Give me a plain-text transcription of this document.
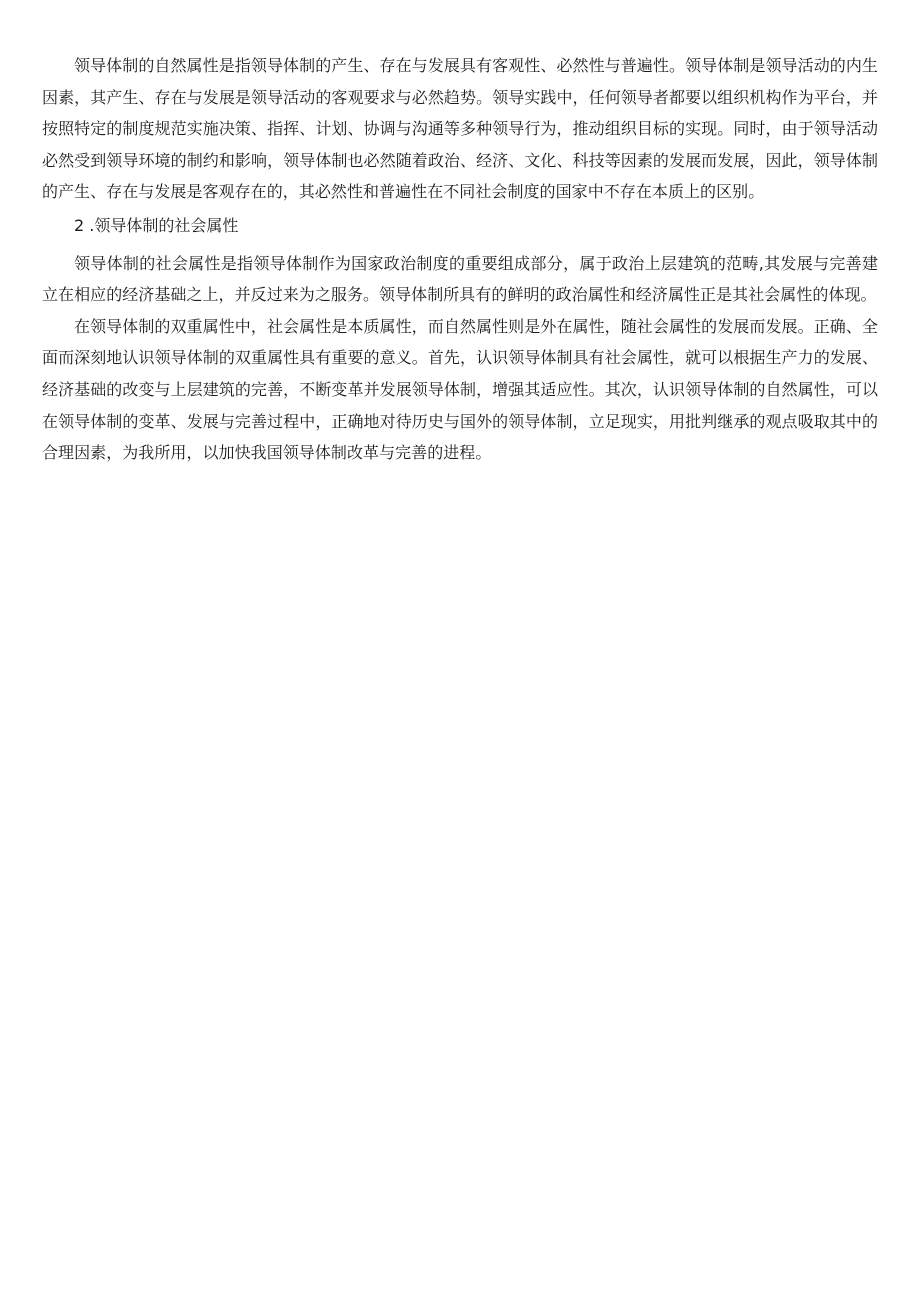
领导体制的自然属性是指领导体制的产生、存在与发展具有客观性、必然性与普遍性。领导体制是领导活动的内生因素，其产生、存在与发展是领导活动的客观要求与必然趋势。领导实践中，任何领导者都要以组织机构作为平台，并按照特定的制度规范实施决策、指挥、计划、协调与沟通等多种领导行为，推动组织目标的实现。同时，由于领导活动必然受到领导环境的制约和影响，领导体制也必然随着政治、经济、文化、科技等因素的发展而发展，因此，领导体制的产生、存在与发展是客观存在的，其必然性和普遍性在不同社会制度的国家中不存在本质上的区别。

2 .领导体制的社会属性

领导体制的社会属性是指领导体制作为国家政治制度的重要组成部分，属于政治上层建筑的范畴,其发展与完善建立在相应的经济基础之上，并反过来为之服务。领导体制所具有的鲜明的政治属性和经济属性正是其社会属性的体现。

在领导体制的双重属性中，社会属性是本质属性，而自然属性则是外在属性，随社会属性的发展而发展。正确、全面而深刻地认识领导体制的双重属性具有重要的意义。首先，认识领导体制具有社会属性，就可以根据生产力的发展、经济基础的改变与上层建筑的完善，不断变革并发展领导体制，增强其适应性。其次，认识领导体制的自然属性，可以在领导体制的变革、发展与完善过程中，正确地对待历史与国外的领导体制，立足现实，用批判继承的观点吸取其中的合理因素，为我所用，以加快我国领导体制改革与完善的进程。
